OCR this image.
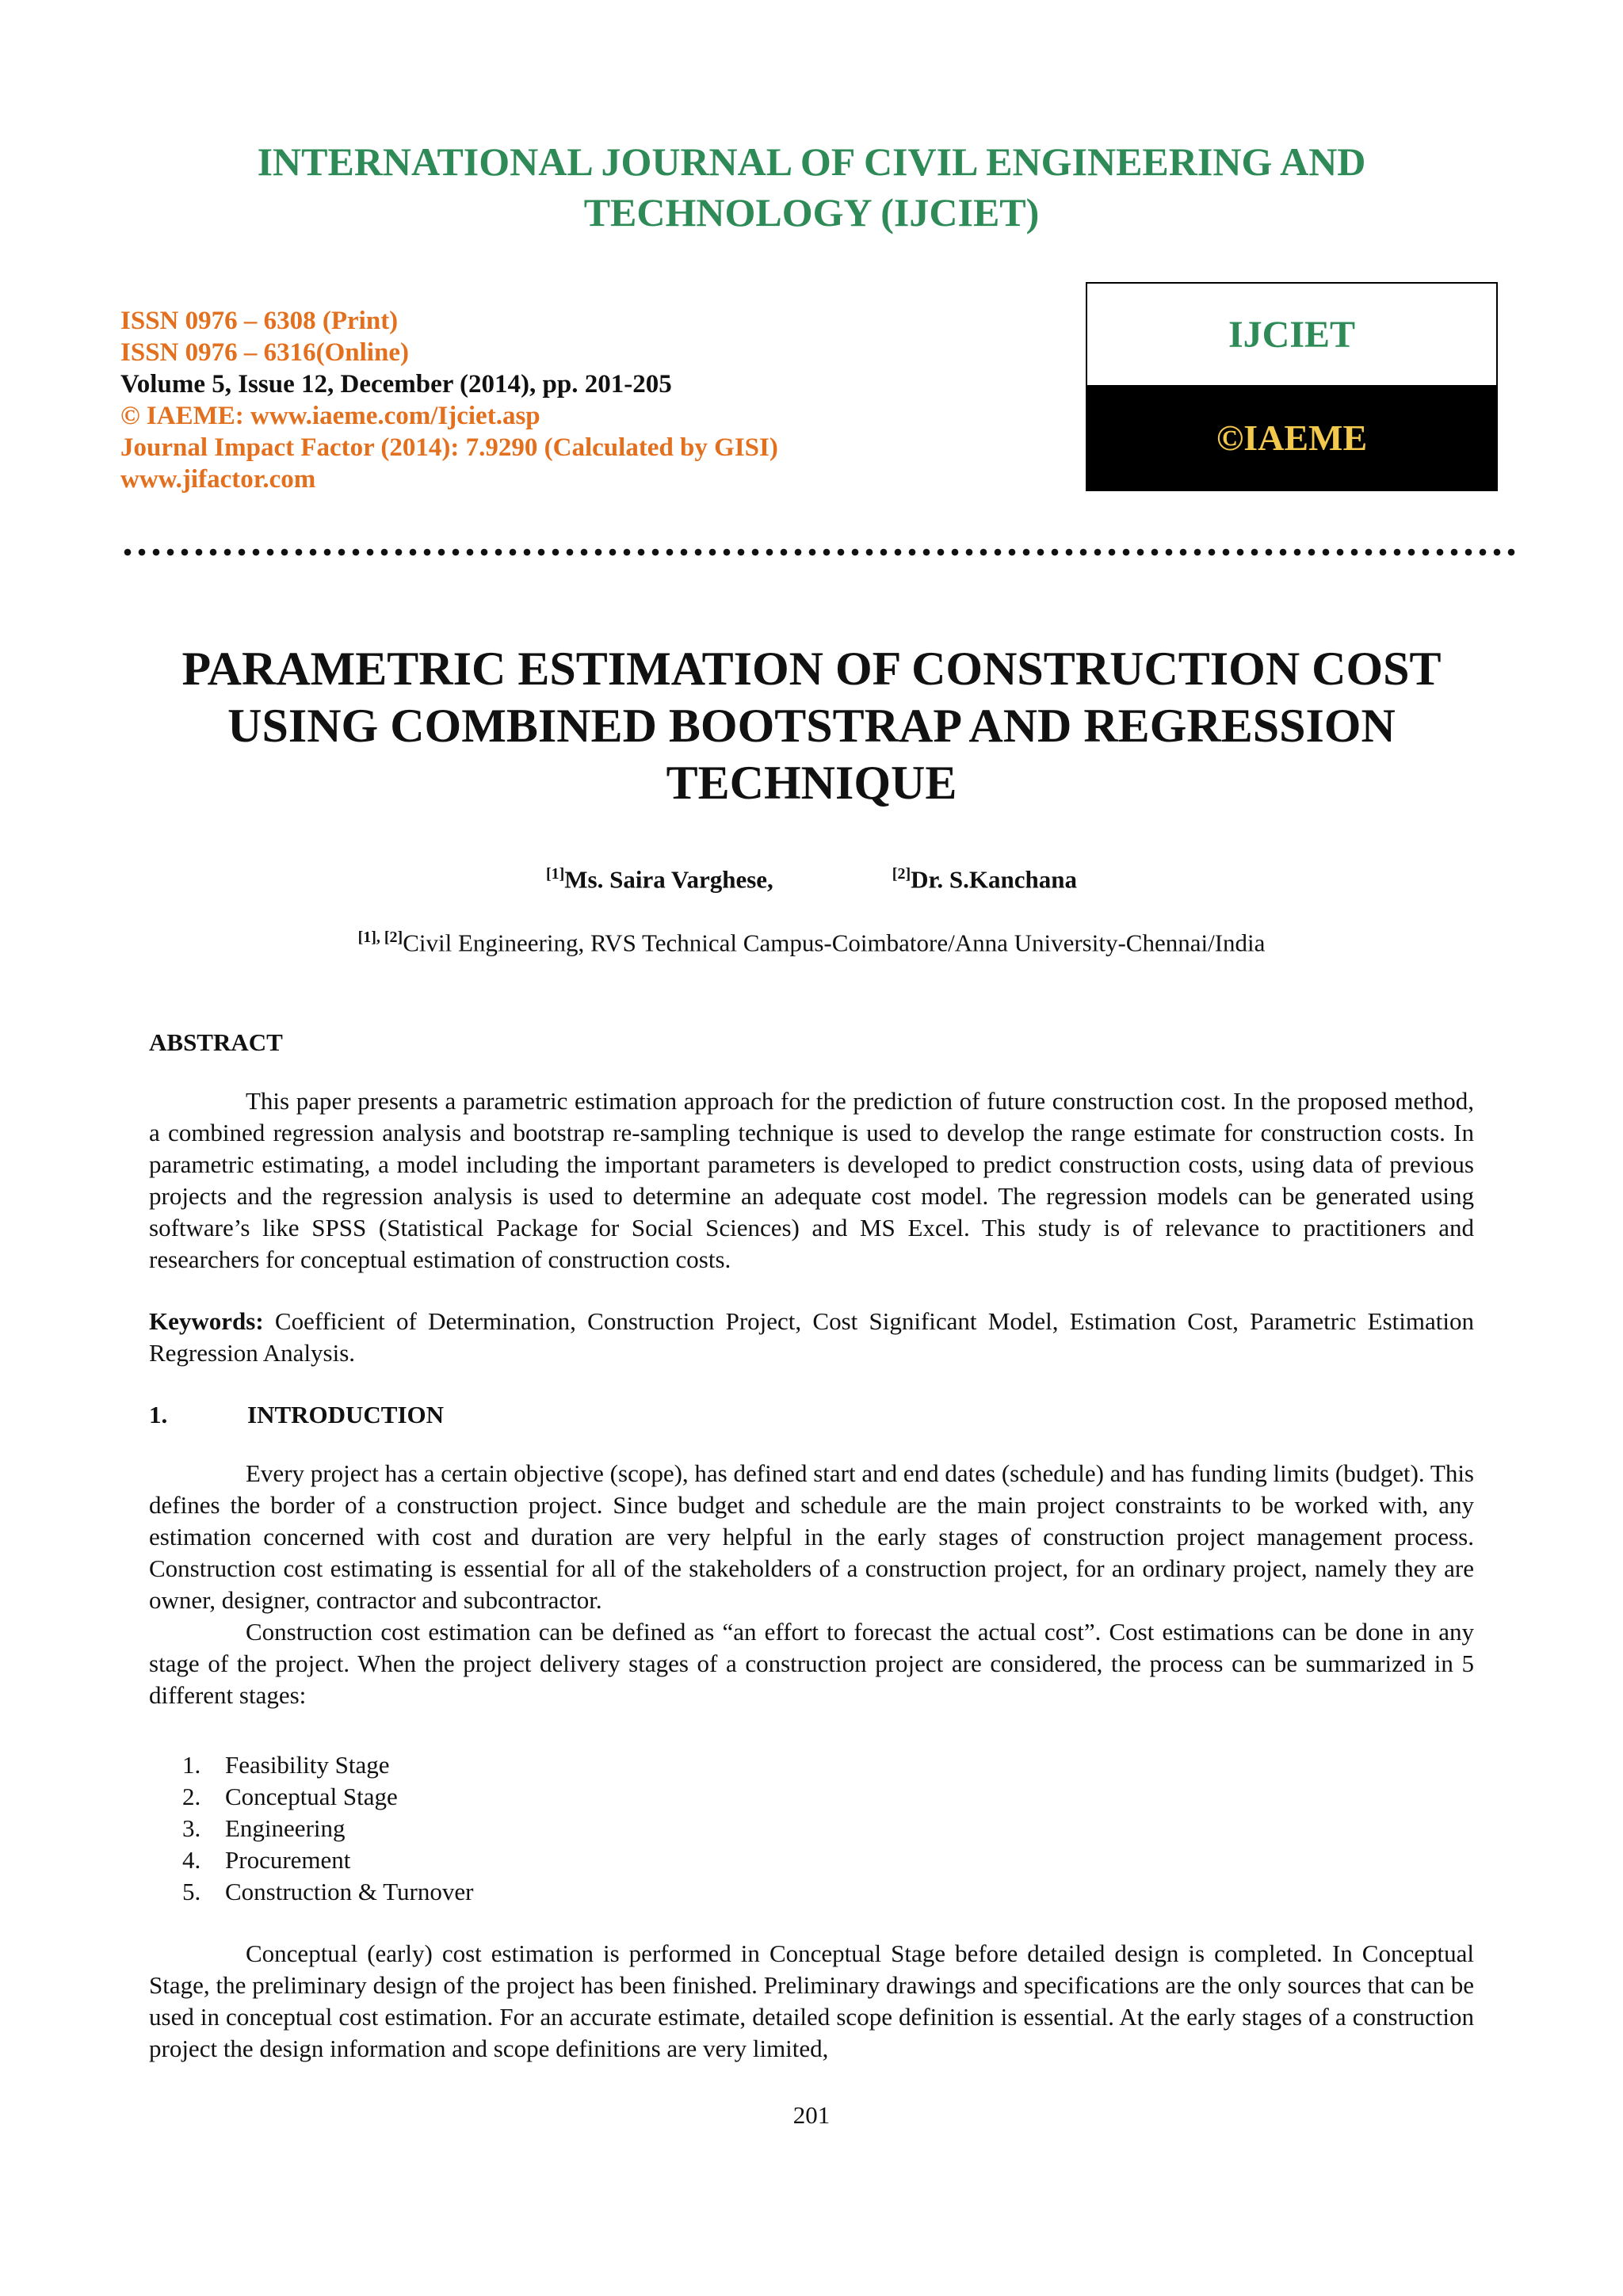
INTERNATIONAL JOURNAL OF CIVIL ENGINEERING AND
TECHNOLOGY (IJCIET)
ISSN 0976 – 6308 (Print)
ISSN 0976 – 6316(Online)
Volume 5, Issue 12, December (2014), pp. 201-205
© IAEME: www.iaeme.com/Ijciet.asp
Journal Impact Factor (2014): 7.9290 (Calculated by GISI)
www.jifactor.com
IJCIET
©IAEME
PARAMETRIC ESTIMATION OF CONSTRUCTION COST
USING COMBINED BOOTSTRAP AND REGRESSION
TECHNIQUE
[1]Ms. Saira Varghese,	[2]Dr. S.Kanchana
[1], [2]Civil Engineering, RVS Technical Campus-Coimbatore/Anna University-Chennai/India
ABSTRACT

This paper presents a parametric estimation approach for the prediction of future construction cost. In the proposed method, a combined regression analysis and bootstrap re-sampling technique is used to develop the range estimate for construction costs. In parametric estimating, a model including the important parameters is developed to predict construction costs, using data of previous projects and the regression analysis is used to determine an adequate cost model. The regression models can be generated using software’s like SPSS (Statistical Package for Social Sciences) and MS Excel. This study is of relevance to practitioners and researchers for conceptual estimation of construction costs.

Keywords: Coefficient of Determination, Construction Project, Cost Significant Model, Estimation Cost, Parametric Estimation Regression Analysis.

1.	INTRODUCTION

Every project has a certain objective (scope), has defined start and end dates (schedule) and has funding limits (budget). This defines the border of a construction project. Since budget and schedule are the main project constraints to be worked with, any estimation concerned with cost and duration are very helpful in the early stages of construction project management process. Construction cost estimating is essential for all of the stakeholders of a construction project, for an ordinary project, namely they are owner, designer, contractor and subcontractor.

Construction cost estimation can be defined as “an effort to forecast the actual cost”. Cost estimations can be done in any stage of the project. When the project delivery stages of a construction project are considered, the process can be summarized in 5 different stages:

1. Feasibility Stage
2. Conceptual Stage
3. Engineering
4. Procurement
5. Construction & Turnover

Conceptual (early) cost estimation is performed in Conceptual Stage before detailed design is completed. In Conceptual Stage, the preliminary design of the project has been finished. Preliminary drawings and specifications are the only sources that can be used in conceptual cost estimation. For an accurate estimate, detailed scope definition is essential. At the early stages of a construction project the design information and scope definitions are very limited,

201
